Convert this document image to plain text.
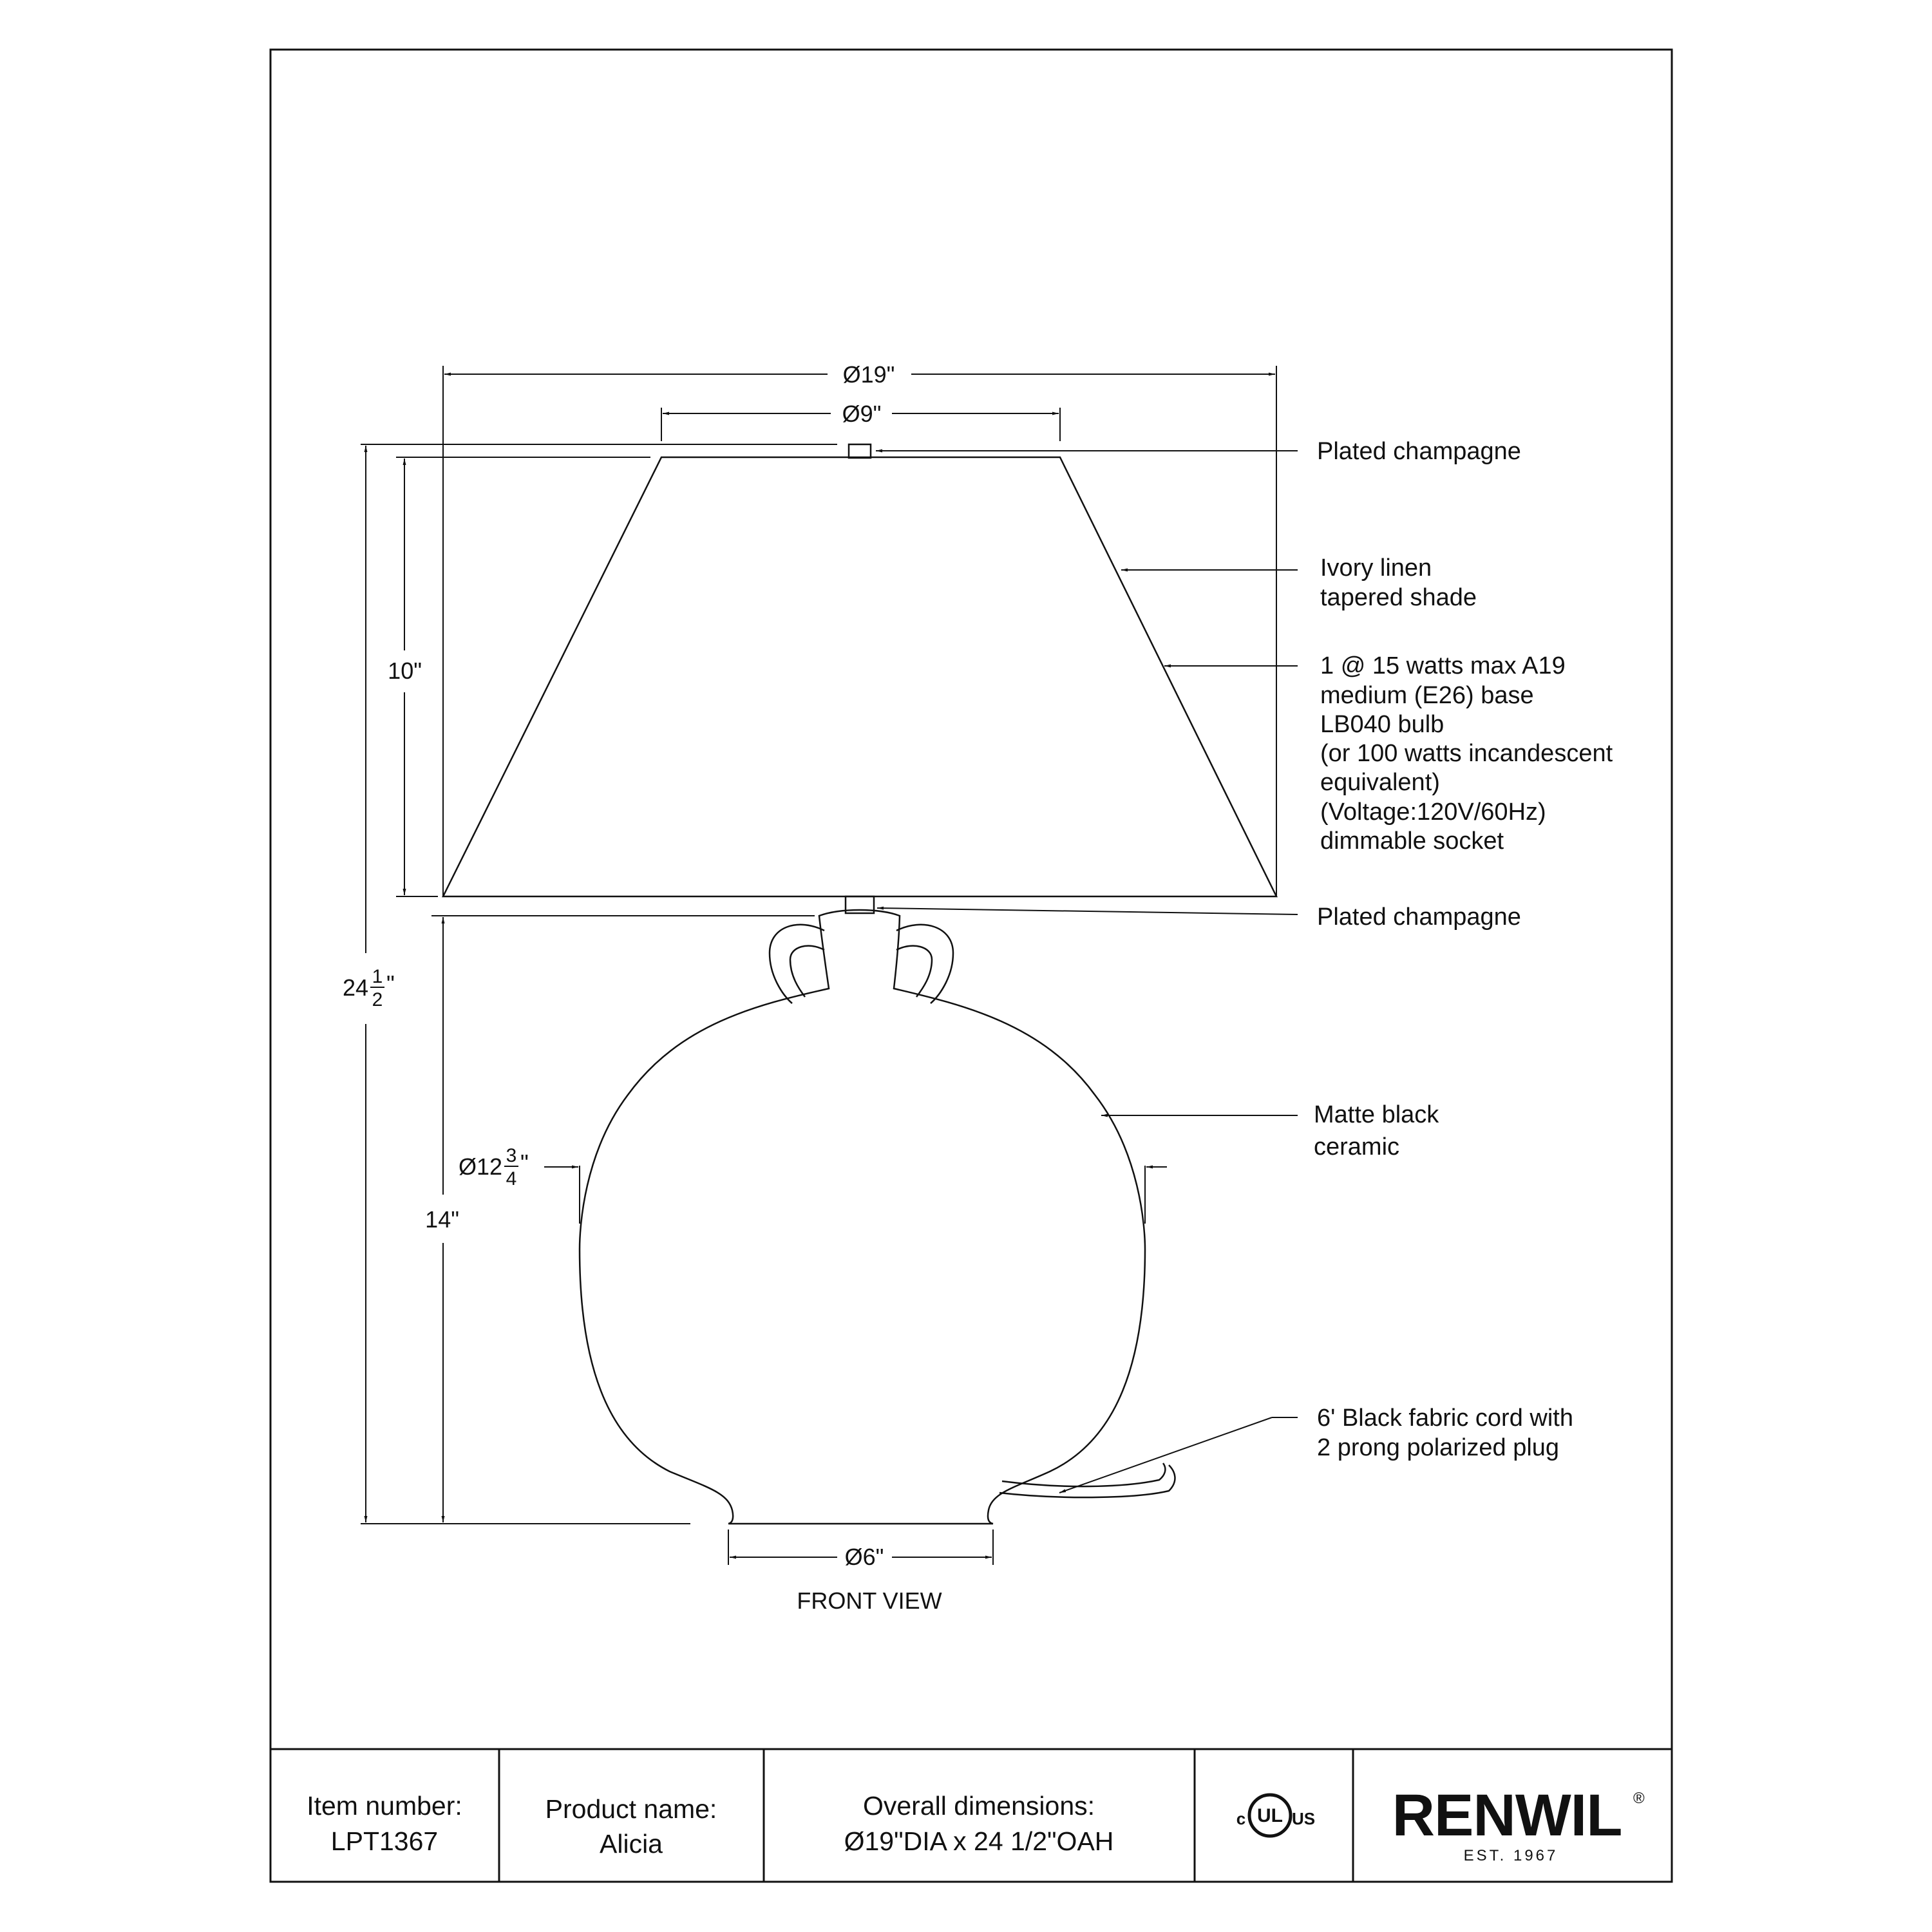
Ø19"
Ø9"
10"
14"
Ø6"
24 1
2
"
Ø12 3
4
"
FRONT VIEW
Plated champagne
Ivory linen tapered shade
1 @ 15 watts max A19 medium (E26) base LB040 bulb (or 100 watts incandescent equivalent) (Voltage:120V/60Hz) dimmable socket
Plated champagne
Matte black ceramic
6' Black fabric cord with 2 prong polarized plug
Item number:
LPT1367
Product name:
Alicia
Overall dimensions:
Ø19"DIA x 24 1/2"OAH
UL
c	US RENWIL ®
EST. 1967
